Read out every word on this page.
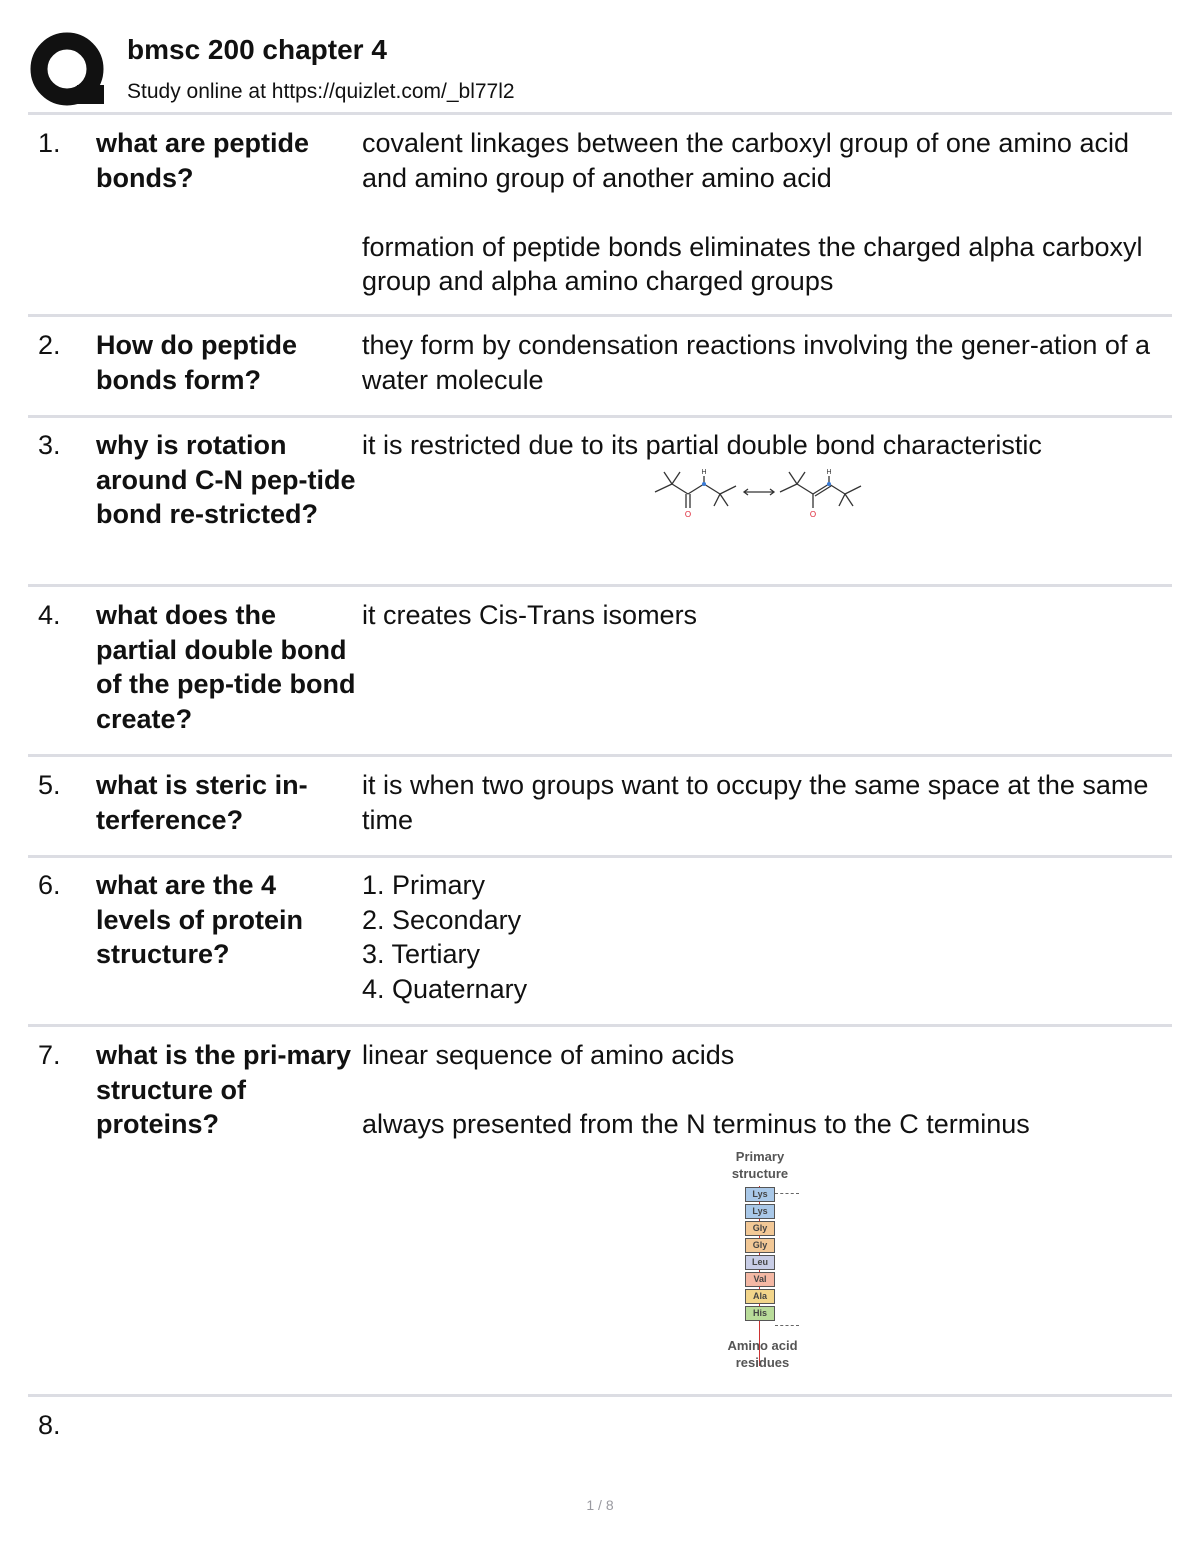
bmsc 200 chapter 4
Study online at https://quizlet.com/_bl77l2
1. what are peptide bonds?

covalent linkages between the carboxyl group of one amino acid and amino group of another amino acid

formation of peptide bonds eliminates the charged alpha carboxyl group and alpha amino charged groups

2. How do peptide bonds form?

they form by condensation reactions involving the gener-ation of a water molecule

3. why is rotation around C-N pep-tide bond re-stricted?

it is restricted due to its partial double bond characteristic

H
O
H
O
4. what does the partial double bond of the pep-tide bond create?

it creates Cis-Trans isomers

5. what is steric in-terference?

it is when two groups want to occupy the same space at the same time

6. what are the 4 levels of protein structure?
1. Primary
2. Secondary
3. Tertiary
4. Quaternary
7. what is the pri-mary structure of proteins?

linear sequence of amino acids

always presented from the N terminus to the C terminus

Primary
structure
Lys
Lys
Gly
Gly
Leu
Val
Ala
His
Amino acid
residues
8.
1 / 8
